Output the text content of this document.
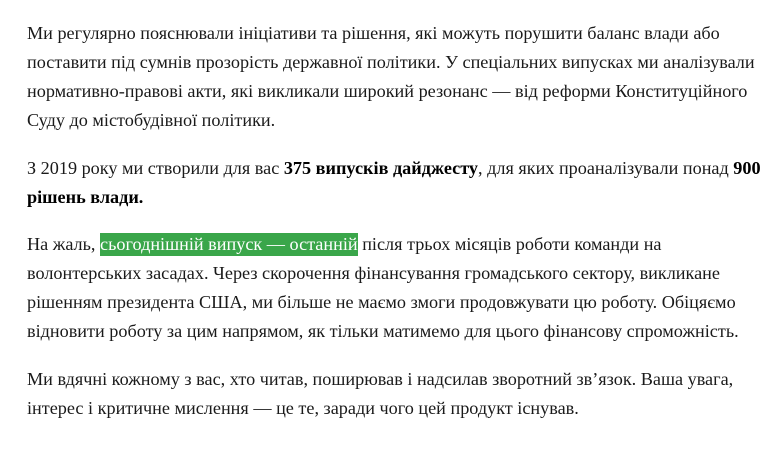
Ми регулярно пояснювали ініціативи та рішення, які можуть порушити баланс влади або поставити під сумнів прозорість державної політики. У спеціальних випусках ми аналізували нормативно-правові акти, які викликали широкий резонанс — від реформи Конституційного Суду до містобудівної політики.

З 2019 року ми створили для вас 375 випусків дайджесту, для яких проаналізували понад 900 рішень влади.

На жаль, сьогоднішній випуск — останній після трьох місяців роботи команди на волонтерських засадах. Через скорочення фінансування громадського сектору, викликане рішенням президента США, ми більше не маємо змоги продовжувати цю роботу. Обіцяємо відновити роботу за цим напрямом, як тільки матимемо для цього фінансову спроможність.

Ми вдячні кожному з вас, хто читав, поширював і надсилав зворотний зв’язок. Ваша увага, інтерес і критичне мислення — це те, заради чого цей продукт існував.
